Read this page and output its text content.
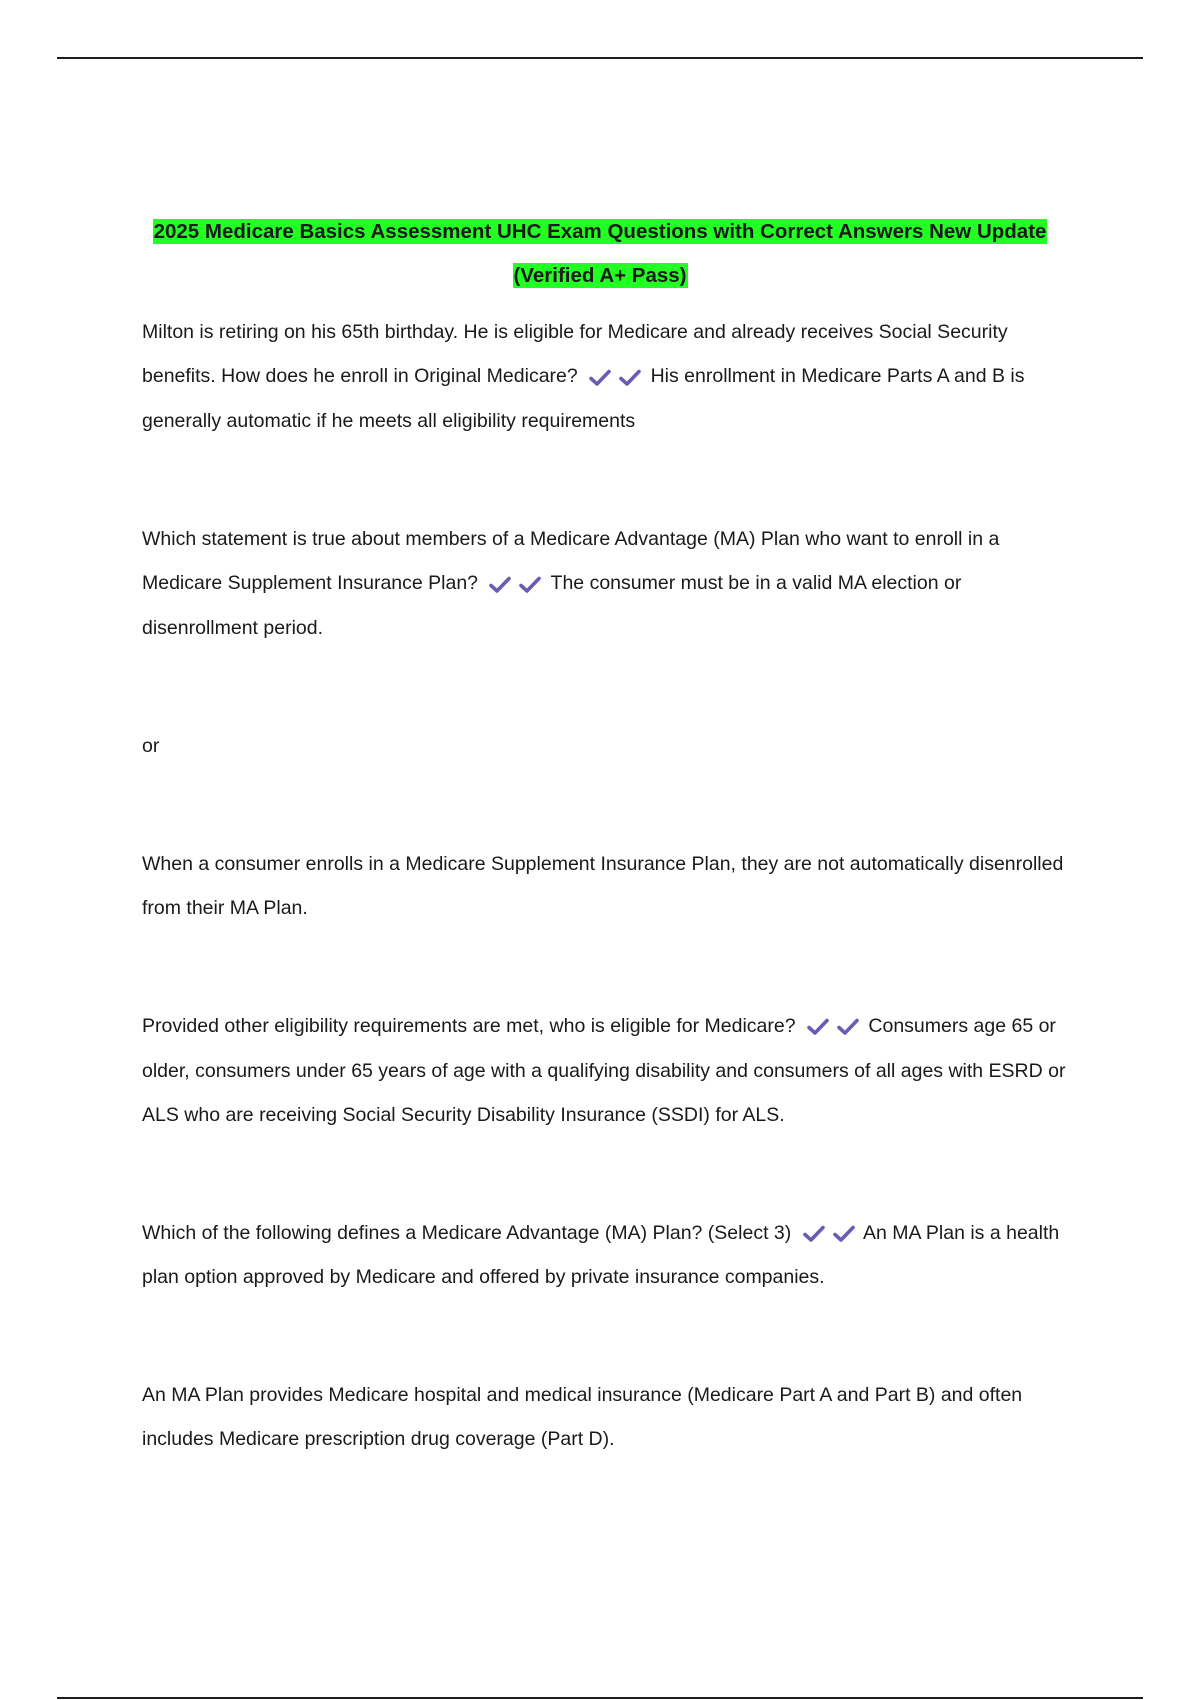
2025 Medicare Basics Assessment UHC Exam Questions with Correct Answers New Update
(Verified A+ Pass)

Milton is retiring on his 65th birthday. He is eligible for Medicare and already receives Social Security benefits. How does he enroll in Original Medicare?	His enrollment in Medicare Parts A and B is generally automatic if he meets all eligibility requirements

Which statement is true about members of a Medicare Advantage (MA) Plan who want to enroll in a Medicare Supplement Insurance Plan?	The consumer must be in a valid MA election or disenrollment period.

or

When a consumer enrolls in a Medicare Supplement Insurance Plan, they are not automatically disenrolled from their MA Plan.

Provided other eligibility requirements are met, who is eligible for Medicare?	Consumers age 65 or older, consumers under 65 years of age with a qualifying disability and consumers of all ages with ESRD or ALS who are receiving Social Security Disability Insurance (SSDI) for ALS.

Which of the following defines a Medicare Advantage (MA) Plan? (Select 3)	An MA Plan is a health plan option approved by Medicare and offered by private insurance companies.

An MA Plan provides Medicare hospital and medical insurance (Medicare Part A and Part B) and often includes Medicare prescription drug coverage (Part D).
